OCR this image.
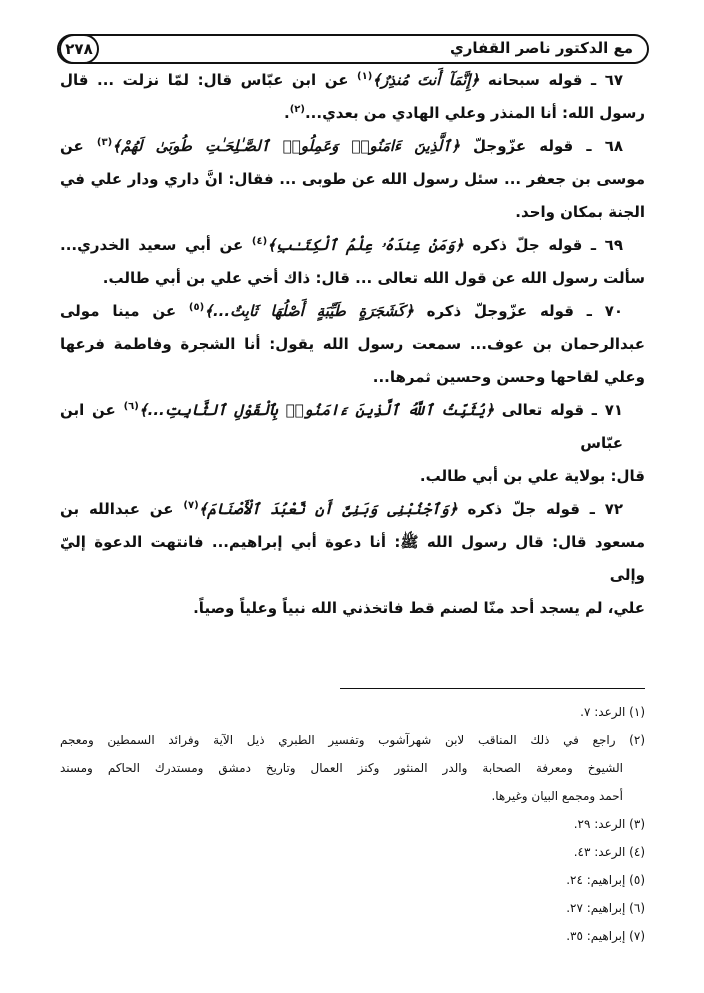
مع الدكتور ناصر القفاري
٢٧٨
٦٧ ـ قوله سبحانه ﴿إِنَّمَآ أَنتَ مُنذِرٌ﴾$^{(١)}$ عن ابن عبّاس قال: لمّا نزلت ... قال
رسول الله: أنا المنذر وعلي الهادي من بعدي...$^{(٢)}$.
٦٨ ـ قوله عزّوجلّ ﴿ٱلَّذِينَ ءَامَنُوا۟ وَعَمِلُوا۟ ٱلصَّـٰلِحَـٰتِ طُوبَىٰ لَهُمْ﴾$^{(٣)}$ عن
موسى بن جعفر ... سئل رسول الله عن طوبى ... فقال: انَّ داري ودار علي في
الجنة بمكان واحد.
٦٩ ـ قوله جلّ ذكره ﴿وَمَنْ عِندَهُۥ عِلْمُ ٱلْكِتَـٰبِ﴾$^{(٤)}$ عن أبي سعيد الخدري...
سألت رسول الله عن قول الله تعالى ... قال: ذاك أخي علي بن أبي طالب.
٧٠ ـ قوله عزّوجلّ ذكره ﴿كَشَجَرَةٍ طَيِّبَةٍ أَصْلُهَا ثَابِتٌ...﴾$^{(٥)}$ عن مينا مولى
عبدالرحمان بن عوف... سمعت رسول الله يقول: أنا الشجرة وفاطمة فرعها
وعلي لقاحها وحسن وحسين ثمرها...
٧١ ـ قوله تعالى ﴿يُثَبِّتُ ٱللَّهُ ٱلَّذِينَ ءَامَنُوا۟ بِٱلْقَوْلِ ٱلثَّابِتِ...﴾$^{(٦)}$ عن ابن عبّاس
قال: بولاية علي بن أبي طالب.
٧٢ ـ قوله جلّ ذكره ﴿وَٱجْنُبْنِى وَبَنِىَّ أَن نَّعْبُدَ ٱلْأَصْنَامَ﴾$^{(٧)}$ عن عبدالله بن
مسعود قال: قال رسول الله ﷺ: أنا دعوة أبي إبراهيم... فانتهت الدعوة إليّ وإلى
علي، لم يسجد أحد منّا لصنم قط فاتخذني الله نبياً وعلياً وصياً.
(١) الرعد: ٧.
(٢) راجع في ذلك المناقب لابن شهرآشوب وتفسير الطبري ذيل الآية وفرائد السمطين ومعجم
الشيوخ ومعرفة الصحابة والدر المنثور وكنز العمال وتاريخ دمشق ومستدرك الحاكم ومسند
أحمد ومجمع البيان وغيرها.
(٣) الرعد: ٢٩.
(٤) الرعد: ٤٣.
(٥) إبراهيم: ٢٤.
(٦) إبراهيم: ٢٧.
(٧) إبراهيم: ٣٥.
